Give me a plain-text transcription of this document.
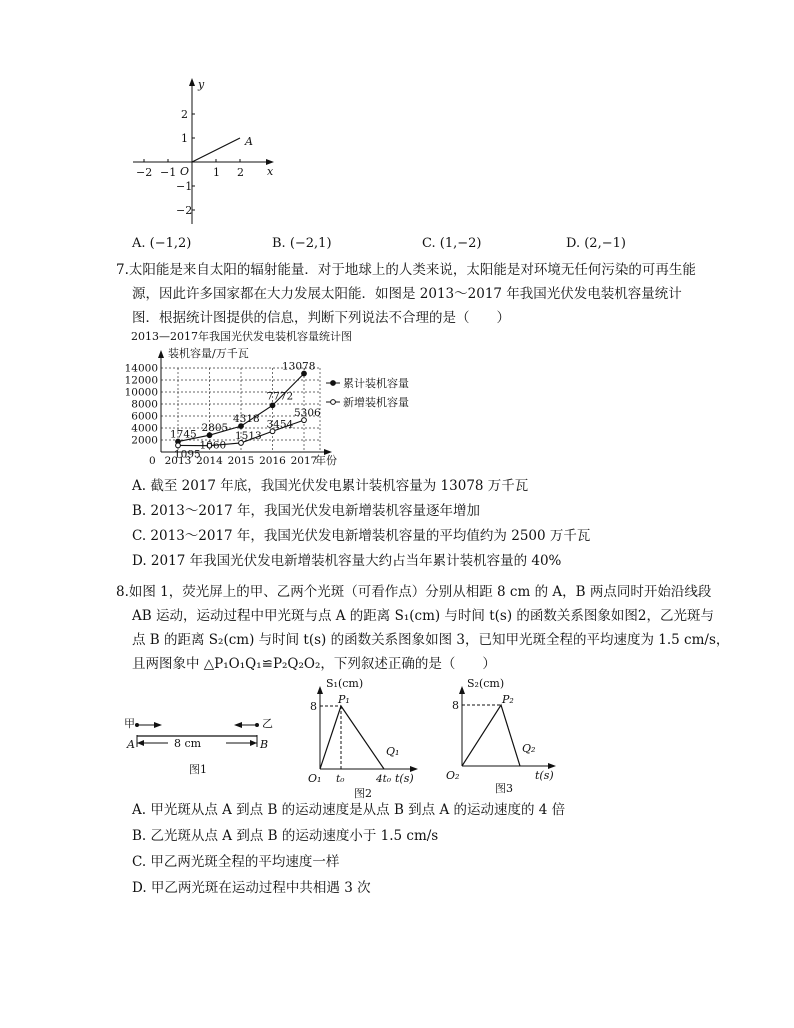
y
x
O
A
−2 −1	1 2
2
1
−1
−2
A. (−1,2)	B. (−2,1)	C. (1,−2)	D. (2,−1)
7.太阳能是来自太阳的辐射能量．对于地球上的人类来说，太阳能是对环境无任何污染的可再生能
源，因此许多国家都在大力发展太阳能．如图是 2013～2017 年我国光伏发电装机容量统计
图．根据统计图提供的信息，判断下列说法不合理的是（　　）
2013—2017年我国光伏发电装机容量统计图
装机容量/万千瓦
年份
0
2000
4000
6000
8000
10000
12000
14000
2013 2014 2015 2016 2017
1745
2805
4318
7772
13078
1095
1060
1513
3454
5306
累计装机容量
新增装机容量
A. 截至 2017 年底，我国光伏发电累计装机容量为 13078 万千瓦
B. 2013～2017 年，我国光伏发电新增装机容量逐年增加
C. 2013～2017 年，我国光伏发电新增装机容量的平均值约为 2500 万千瓦
D. 2017 年我国光伏发电新增装机容量大约占当年累计装机容量的 40%
8.如图 1，荧光屏上的甲、乙两个光斑（可看作点）分别从相距 8 cm 的 A，B 两点同时开始沿线段
AB 运动，运动过程中甲光斑与点 A 的距离 S₁(cm) 与时间 t(s) 的函数关系图象如图2，乙光斑与
点 B 的距离 S₂(cm) 与时间 t(s) 的函数关系图象如图 3，已知甲光斑全程的平均速度为 1.5 cm/s，
且两图象中 △P₁O₁Q₁≌P₂Q₂O₂，下列叙述正确的是（　　）
甲	乙
8 cm
A	B
图1
S₁(cm)
P₁
8
Q₁
O₁ t₀	4t₀ t(s)
图2
S₂(cm)
P₂
8
Q₂
O₂	t(s)
图3
A. 甲光斑从点 A 到点 B 的运动速度是从点 B 到点 A 的运动速度的 4 倍
B. 乙光斑从点 A 到点 B 的运动速度小于 1.5 cm/s
C. 甲乙两光斑全程的平均速度一样
D. 甲乙两光斑在运动过程中共相遇 3 次
